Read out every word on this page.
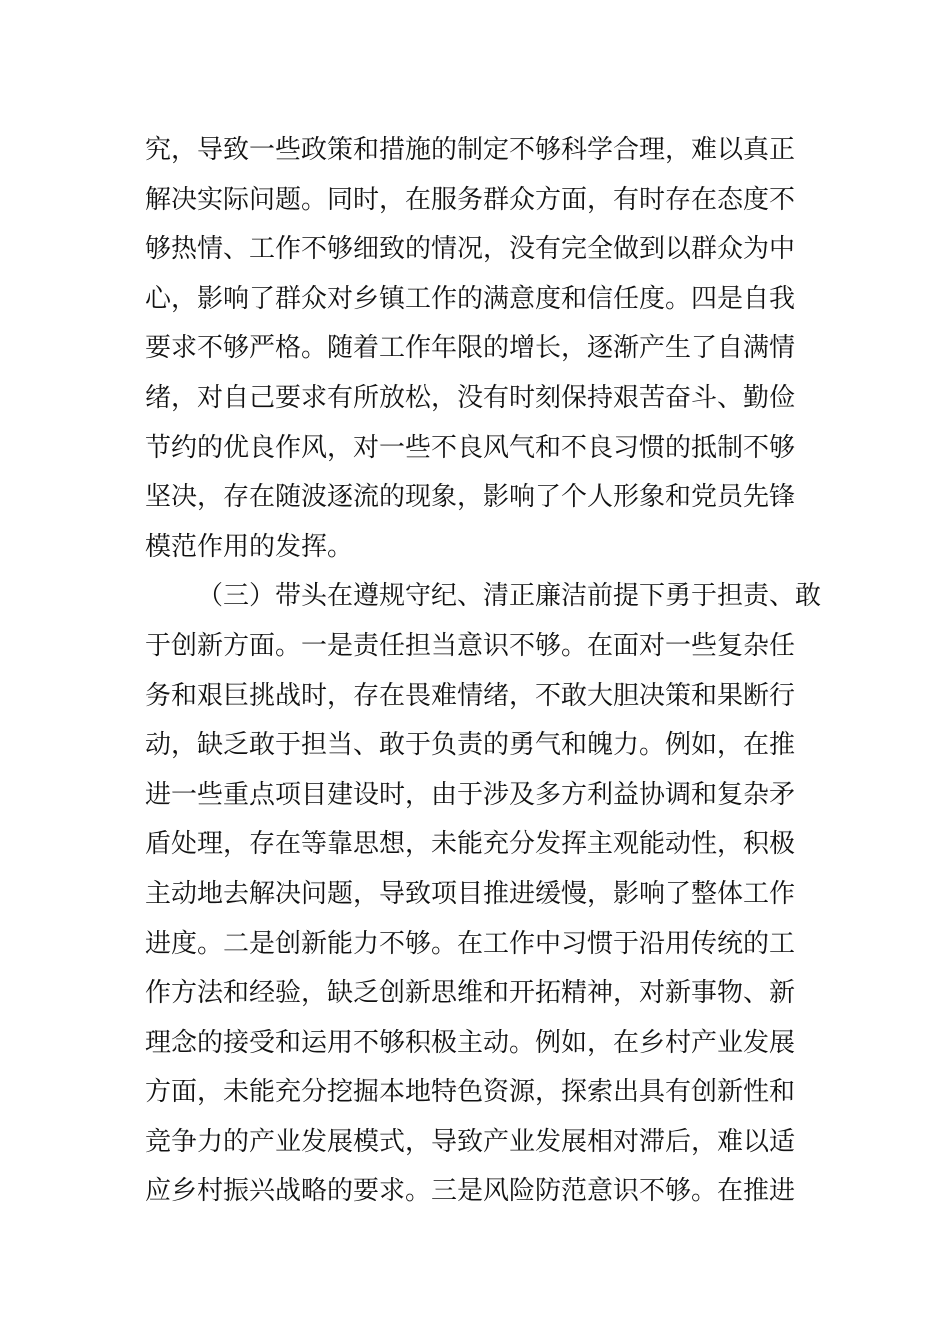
究，导致一些政策和措施的制定不够科学合理，难以真正
解决实际问题。同时，在服务群众方面，有时存在态度不
够热情、工作不够细致的情况，没有完全做到以群众为中
心，影响了群众对乡镇工作的满意度和信任度。四是自我
要求不够严格。随着工作年限的增长，逐渐产生了自满情
绪，对自己要求有所放松，没有时刻保持艰苦奋斗、勤俭
节约的优良作风，对一些不良风气和不良习惯的抵制不够
坚决，存在随波逐流的现象，影响了个人形象和党员先锋
模范作用的发挥。
（三）带头在遵规守纪、清正廉洁前提下勇于担责、敢
于创新方面。一是责任担当意识不够。在面对一些复杂任
务和艰巨挑战时，存在畏难情绪，不敢大胆决策和果断行
动，缺乏敢于担当、敢于负责的勇气和魄力。例如，在推
进一些重点项目建设时，由于涉及多方利益协调和复杂矛
盾处理，存在等靠思想，未能充分发挥主观能动性，积极
主动地去解决问题，导致项目推进缓慢，影响了整体工作
进度。二是创新能力不够。在工作中习惯于沿用传统的工
作方法和经验，缺乏创新思维和开拓精神，对新事物、新
理念的接受和运用不够积极主动。例如，在乡村产业发展
方面，未能充分挖掘本地特色资源，探索出具有创新性和
竞争力的产业发展模式，导致产业发展相对滞后，难以适
应乡村振兴战略的要求。三是风险防范意识不够。在推进
